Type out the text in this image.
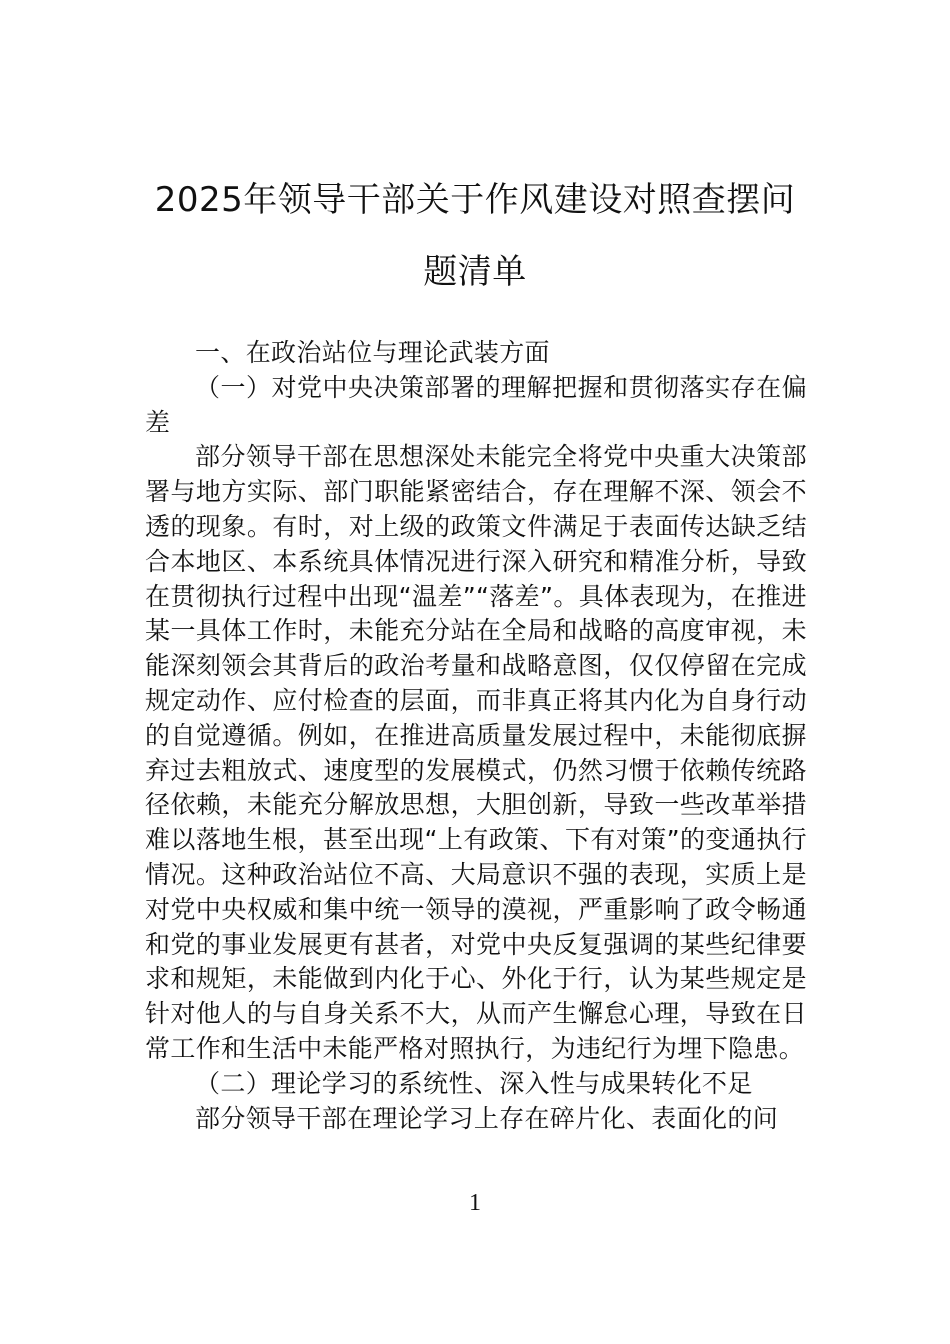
2025年领导干部关于作风建设对照查摆问题清单

一、在政治站位与理论武装方面

（一）对党中央决策部署的理解把握和贯彻落实存在偏差

部分领导干部在思想深处未能完全将党中央重大决策部署与地方实际、部门职能紧密结合，存在理解不深、领会不透的现象。有时，对上级的政策文件满足于表面传达缺乏结合本地区、本系统具体情况进行深入研究和精准分析，导致在贯彻执行过程中出现“温差”“落差”。具体表现为，在推进某一具体工作时，未能充分站在全局和战略的高度审视，未能深刻领会其背后的政治考量和战略意图，仅仅停留在完成规定动作、应付检查的层面，而非真正将其内化为自身行动的自觉遵循。例如，在推进高质量发展过程中，未能彻底摒弃过去粗放式、速度型的发展模式，仍然习惯于依赖传统路径依赖，未能充分解放思想，大胆创新，导致一些改革举措难以落地生根，甚至出现“上有政策、下有对策”的变通执行情况。这种政治站位不高、大局意识不强的表现，实质上是对党中央权威和集中统一领导的漠视，严重影响了政令畅通和党的事业发展更有甚者，对党中央反复强调的某些纪律要求和规矩，未能做到内化于心、外化于行，认为某些规定是针对他人的与自身关系不大，从而产生懈怠心理，导致在日常工作和生活中未能严格对照执行，为违纪行为埋下隐患。

（二）理论学习的系统性、深入性与成果转化不足

部分领导干部在理论学习上存在碎片化、表面化的问

1
